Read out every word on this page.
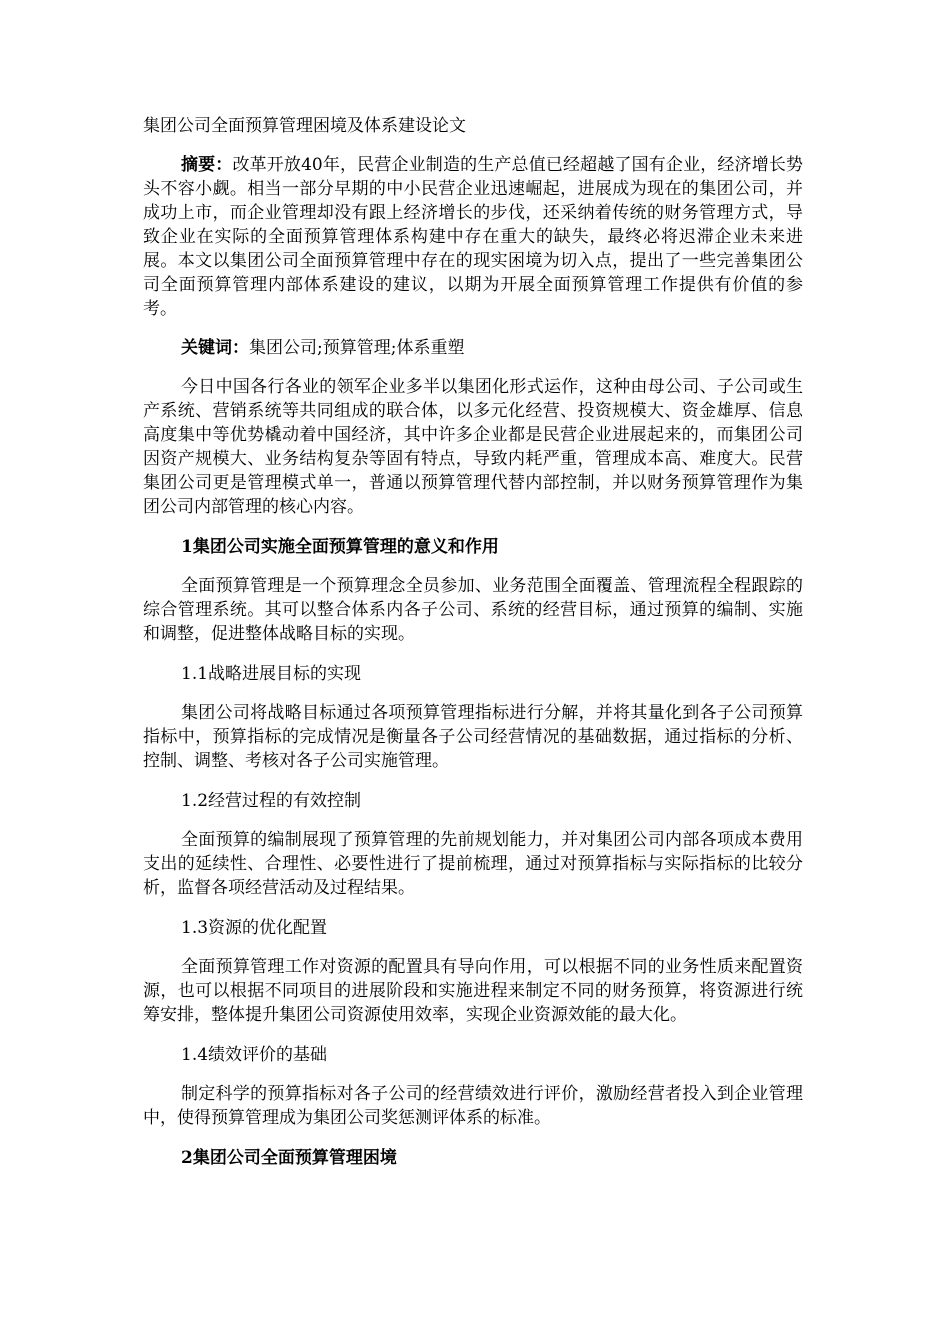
集团公司全面预算管理困境及体系建设论文

摘要：改革开放40年，民营企业制造的生产总值已经超越了国有企业，经济增长势头不容小觑。相当一部分早期的中小民营企业迅速崛起，进展成为现在的集团公司，并成功上市，而企业管理却没有跟上经济增长的步伐，还采纳着传统的财务管理方式，导致企业在实际的全面预算管理体系构建中存在重大的缺失，最终必将迟滞企业未来进展。本文以集团公司全面预算管理中存在的现实困境为切入点，提出了一些完善集团公司全面预算管理内部体系建设的建议，以期为开展全面预算管理工作提供有价值的参考。

关键词：集团公司;预算管理;体系重塑

今日中国各行各业的领军企业多半以集团化形式运作，这种由母公司、子公司或生产系统、营销系统等共同组成的联合体，以多元化经营、投资规模大、资金雄厚、信息高度集中等优势橇动着中国经济，其中许多企业都是民营企业进展起来的，而集团公司因资产规模大、业务结构复杂等固有特点，导致内耗严重，管理成本高、难度大。民营集团公司更是管理模式单一，普通以预算管理代替内部控制，并以财务预算管理作为集团公司内部管理的核心内容。

1集团公司实施全面预算管理的意义和作用

全面预算管理是一个预算理念全员参加、业务范围全面覆盖、管理流程全程跟踪的综合管理系统。其可以整合体系内各子公司、系统的经营目标，通过预算的编制、实施和调整，促进整体战略目标的实现。

1.1战略进展目标的实现

集团公司将战略目标通过各项预算管理指标进行分解，并将其量化到各子公司预算指标中，预算指标的完成情况是衡量各子公司经营情况的基础数据，通过指标的分析、控制、调整、考核对各子公司实施管理。

1.2经营过程的有效控制

全面预算的编制展现了预算管理的先前规划能力，并对集团公司内部各项成本费用支出的延续性、合理性、必要性进行了提前梳理，通过对预算指标与实际指标的比较分析，监督各项经营活动及过程结果。

1.3资源的优化配置

全面预算管理工作对资源的配置具有导向作用，可以根据不同的业务性质来配置资源，也可以根据不同项目的进展阶段和实施进程来制定不同的财务预算，将资源进行统筹安排，整体提升集团公司资源使用效率，实现企业资源效能的最大化。

1.4绩效评价的基础

制定科学的预算指标对各子公司的经营绩效进行评价，激励经营者投入到企业管理中，使得预算管理成为集团公司奖惩测评体系的标准。

2集团公司全面预算管理困境
